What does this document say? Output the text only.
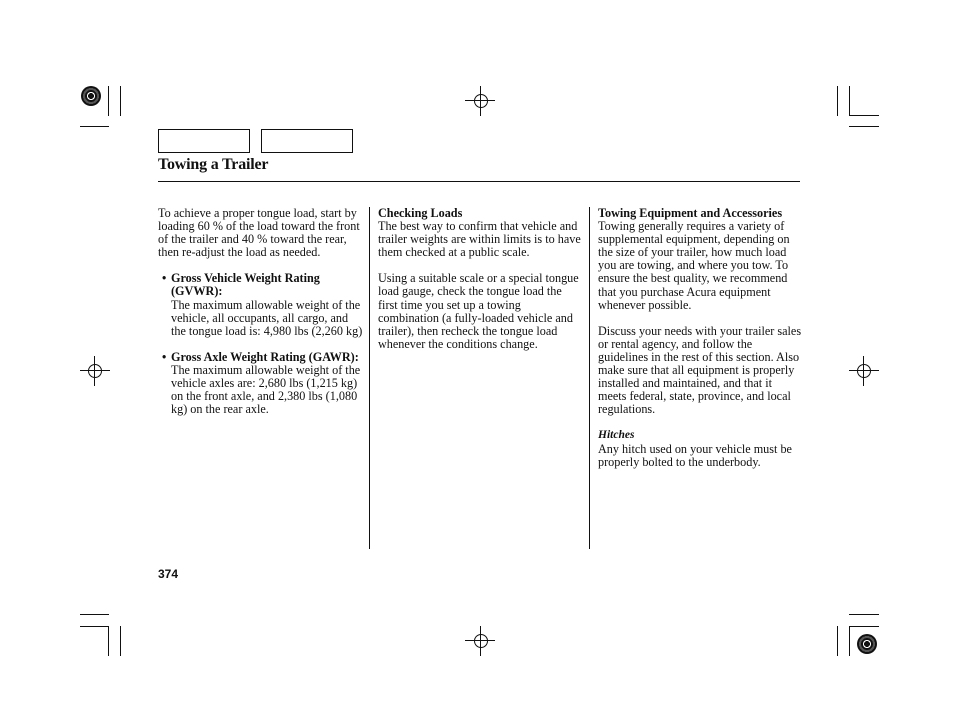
Towing a Trailer

To achieve a proper tongue load, start by loading 60 % of the load toward the front of the trailer and 40 % toward the rear, then re-adjust the load as needed.

• Gross Vehicle Weight Rating (GVWR):

The maximum allowable weight of the vehicle, all occupants, all cargo, and the tongue load is: 4,980 lbs (2,260 kg)

• Gross Axle Weight Rating (GAWR):

The maximum allowable weight of the vehicle axles are: 2,680 lbs (1,215 kg) on the front axle, and 2,380 lbs (1,080 kg) on the rear axle.

Checking Loads

The best way to confirm that vehicle and trailer weights are within limits is to have them checked at a public scale.

Using a suitable scale or a special tongue load gauge, check the tongue load the first time you set up a towing combination (a fully-loaded vehicle and trailer), then recheck the tongue load whenever the conditions change.

Towing Equipment and Accessories

Towing generally requires a variety of supplemental equipment, depending on the size of your trailer, how much load you are towing, and where you tow. To ensure the best quality, we recommend that you purchase Acura equipment whenever possible.

Discuss your needs with your trailer sales or rental agency, and follow the guidelines in the rest of this section. Also make sure that all equipment is properly installed and maintained, and that it meets federal, state, province, and local regulations.

Hitches

Any hitch used on your vehicle must be properly bolted to the underbody.

374
